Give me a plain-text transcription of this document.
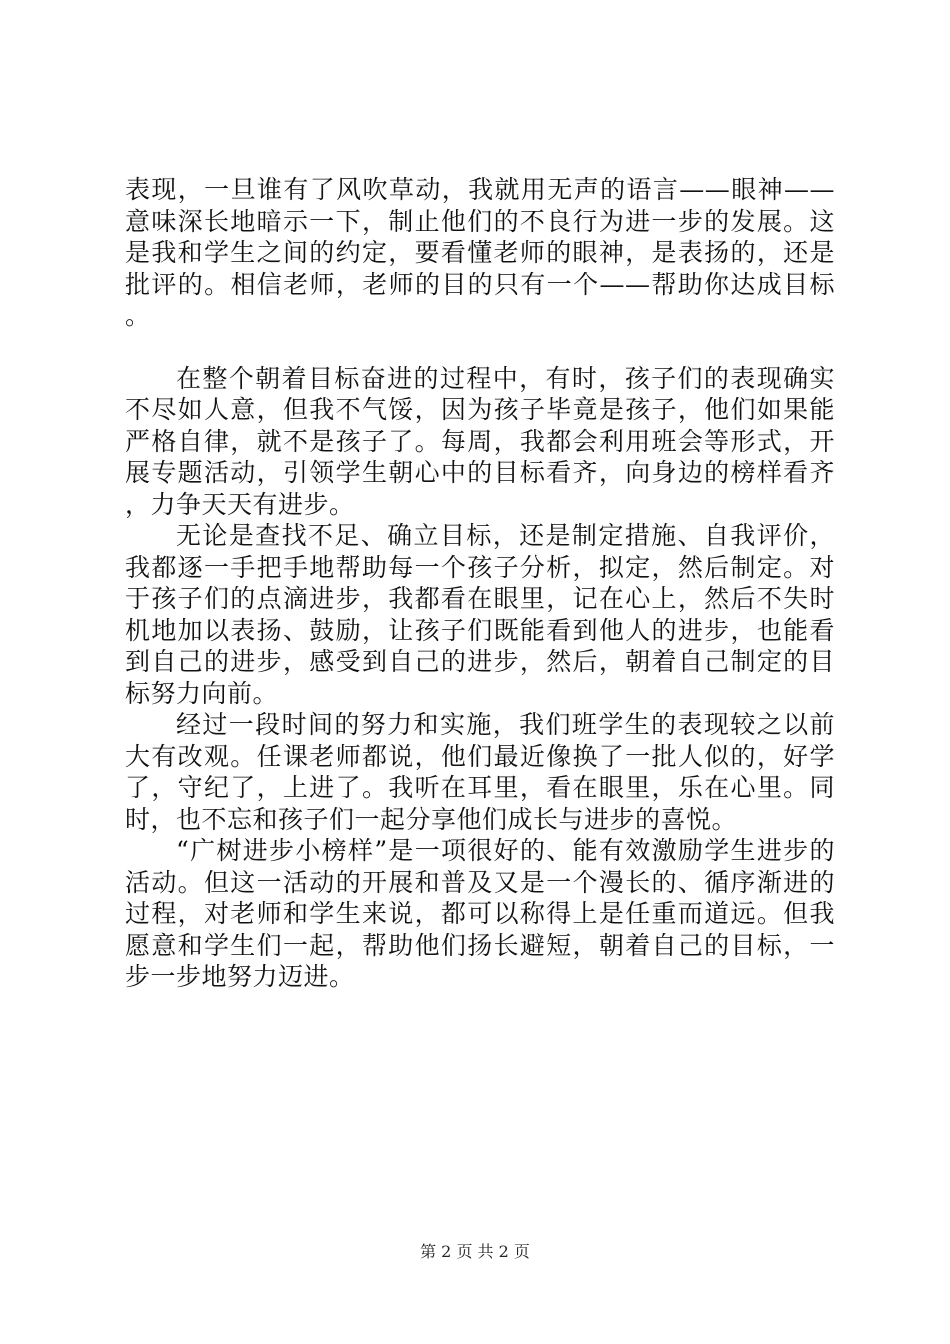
表现，一旦谁有了风吹草动，我就用无声的语言——眼神——意味深长地暗示一下，制止他们的不良行为进一步的发展。这是我和学生之间的约定，要看懂老师的眼神，是表扬的，还是批评的。相信老师，老师的目的只有一个——帮助你达成目标。

在整个朝着目标奋进的过程中，有时，孩子们的表现确实不尽如人意，但我不气馁，因为孩子毕竟是孩子，他们如果能严格自律，就不是孩子了。每周，我都会利用班会等形式，开展专题活动，引领学生朝心中的目标看齐，向身边的榜样看齐，力争天天有进步。

无论是查找不足、确立目标，还是制定措施、自我评价，我都逐一手把手地帮助每一个孩子分析，拟定，然后制定。对于孩子们的点滴进步，我都看在眼里，记在心上，然后不失时机地加以表扬、鼓励，让孩子们既能看到他人的进步，也能看到自己的进步，感受到自己的进步，然后，朝着自己制定的目标努力向前。

经过一段时间的努力和实施，我们班学生的表现较之以前大有改观。任课老师都说，他们最近像换了一批人似的，好学了，守纪了，上进了。我听在耳里，看在眼里，乐在心里。同时，也不忘和孩子们一起分享他们成长与进步的喜悦。

“广树进步小榜样”是一项很好的、能有效激励学生进步的活动。但这一活动的开展和普及又是一个漫长的、循序渐进的过程，对老师和学生来说，都可以称得上是任重而道远。但我愿意和学生们一起，帮助他们扬长避短，朝着自己的目标，一步一步地努力迈进。

第 2 页 共 2 页
